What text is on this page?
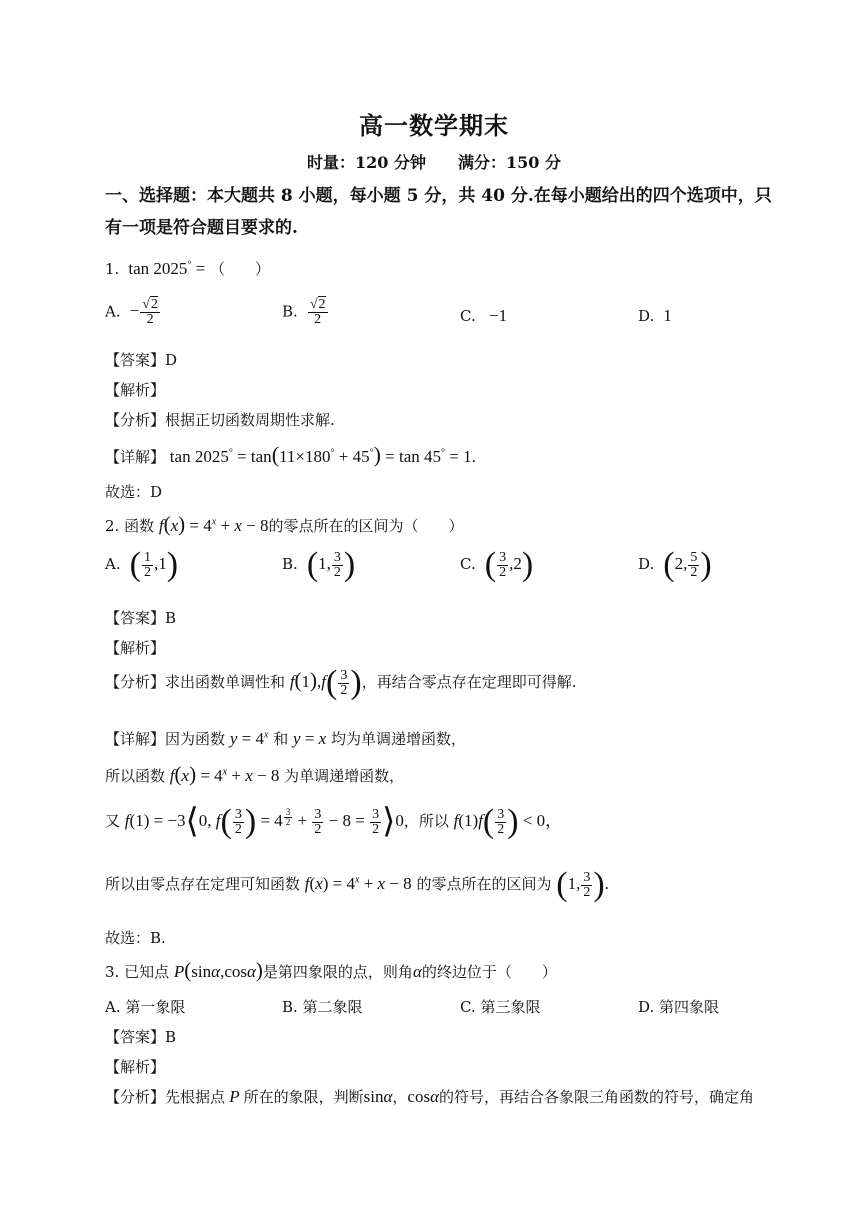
高一数学期末
时量：120 分钟　　满分：150 分
一、选择题：本大题共 8 小题，每小题 5 分，共 40 分.在每小题给出的四个选项中，只有一项是符合题目要求的.
1.  tan 2025° = （　　）
A.  − $\frac{√2}{2}$	B. $\frac{√2}{2}$	C. −1	D. 1
【答案】D
【解析】
【分析】根据正切函数周期性求解.
【详解】 tan 2025° = tan(11×180° + 45°) = tan 45° = 1.
故选：D
2. 函数 $f(x) = 4^x + x - 8$的零点所在的区间为（　　）
A. ( $\frac{1}{2} ,1$)	B. (1, $\frac{3}{2}$ )	C. ( $\frac{3}{2} ,2$)	D. (2, $\frac{5}{2}$ )
【答案】B
【解析】
【分析】求出函数单调性和 $f(1),f( \frac{3}{2}$ )，再结合零点存在定理即可得解.
【详解】因为函数 $y = 4^x$ 和 y = x 均为单调递增函数，
所以函数 $f(x) = 4^x + x - 8$ 为单调递增函数，
又 f(1) = −3⟨0, $f( \frac{3}{2}$ ) = 4 $^{\frac{3}{2}} + \frac{3}{2} - 8 = \frac{3}{2}$ ⟩0，所以 $f(1)f( \frac{3}{2}$ ) < 0，
所以由零点存在定理可知函数 $f(x) = 4^x + x - 8$ 的零点所在的区间为 (1, $\frac{3}{2}$ ).
故选：B.
3. 已知点 P(sinα,cosα)是第四象限的点，则角α的终边位于（　　）
A. 第一象限	B. 第二象限	C. 第三象限	D. 第四象限
【答案】B
【解析】
【分析】先根据点 P 所在的象限，判断sinα，cosα的符号，再结合各象限三角函数的符号，确定角
